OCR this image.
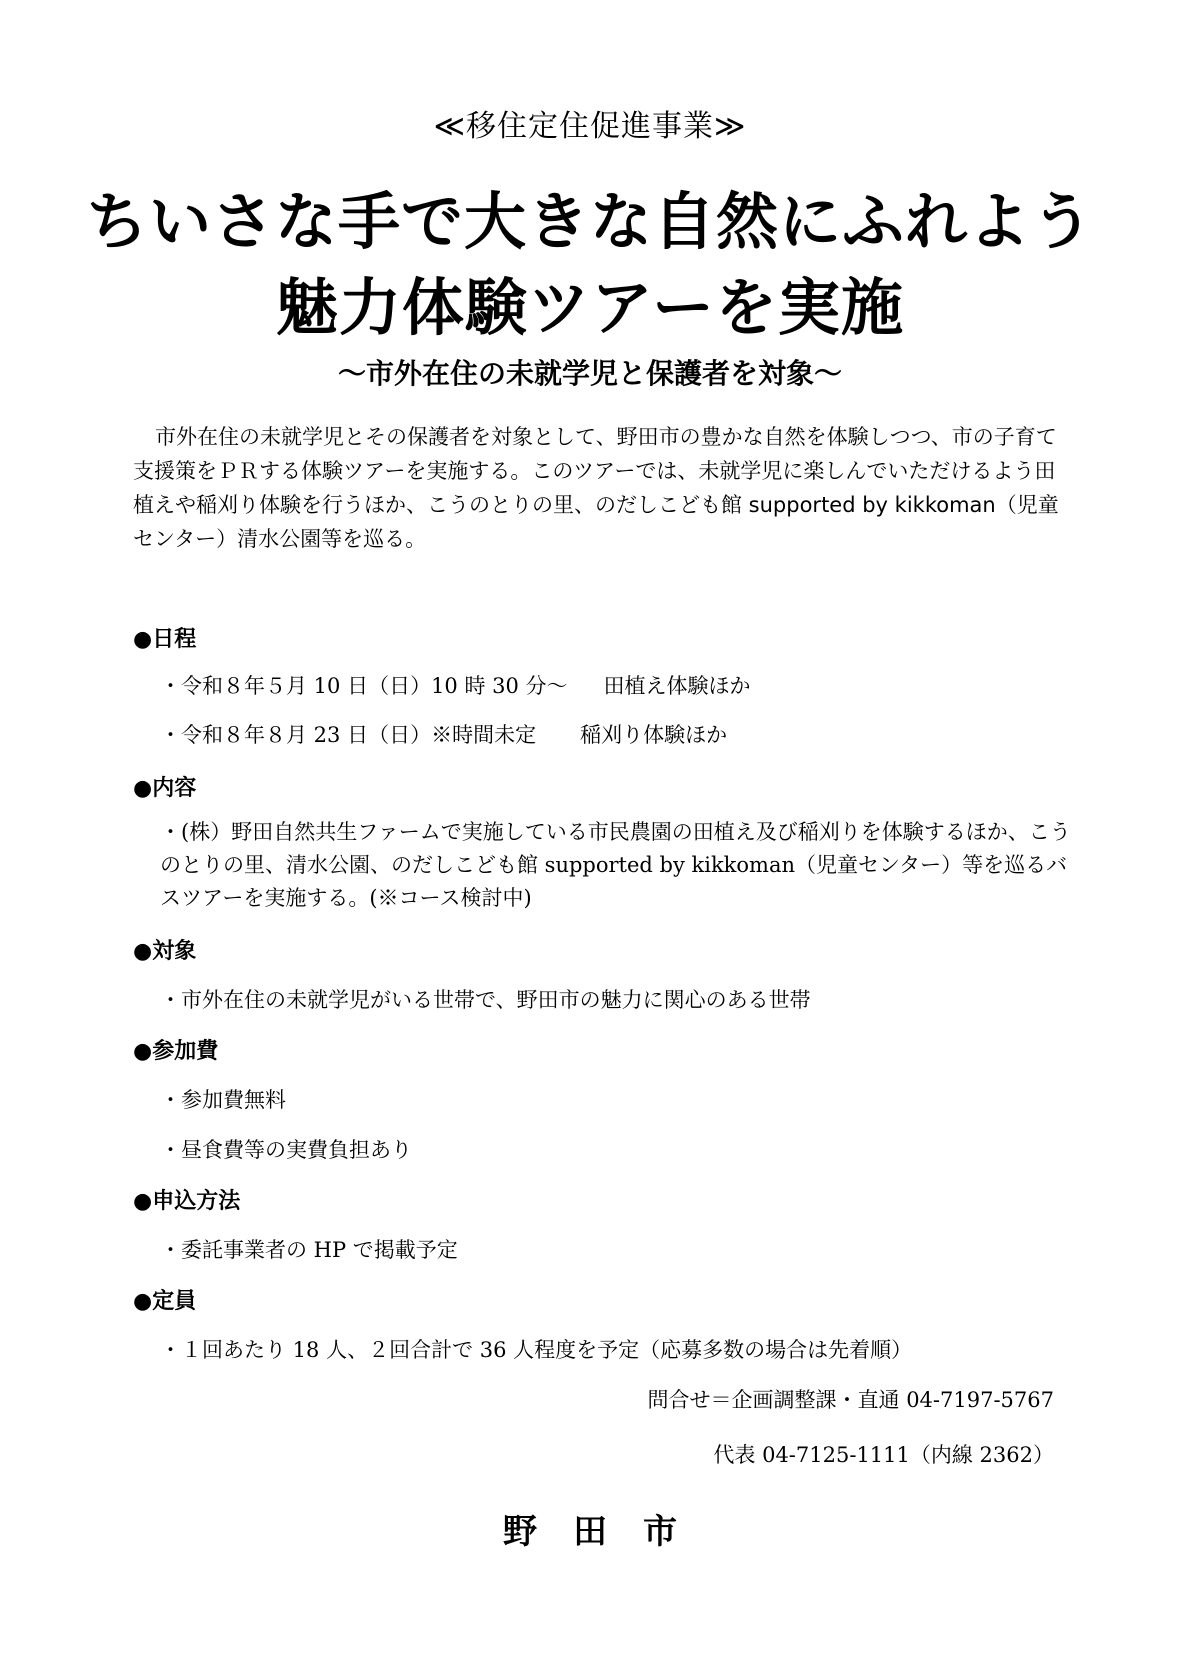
≪移住定住促進事業≫
ちいさな手で大きな自然にふれよう
魅力体験ツアーを実施
～市外在住の未就学児と保護者を対象～
市外在住の未就学児とその保護者を対象として、野田市の豊かな自然を体験しつつ、市の子育て支援策をＰＲする体験ツアーを実施する。このツアーでは、未就学児に楽しんでいただけるよう田植えや稲刈り体験を行うほか、こうのとりの里、のだしこども館 supported by kikkoman（児童センター）清水公園等を巡る。
●日程
・令和８年５月 10 日（日）10 時 30 分～ 田植え体験ほか
・令和８年８月 23 日（日）※時間未定 稲刈り体験ほか
●内容
・(株）野田自然共生ファームで実施している市民農園の田植え及び稲刈りを体験するほか、こうのとりの里、清水公園、のだしこども館 supported by kikkoman（児童センター）等を巡るバスツアーを実施する。(※コース検討中)
●対象
・市外在住の未就学児がいる世帯で、野田市の魅力に関心のある世帯
●参加費
・参加費無料
・昼食費等の実費負担あり
●申込方法
・委託事業者の HP で掲載予定
●定員
・１回あたり 18 人、２回合計で 36 人程度を予定（応募多数の場合は先着順）
問合せ＝企画調整課・直通 04-7197-5767
代表 04-7125-1111（内線 2362）
野田市
